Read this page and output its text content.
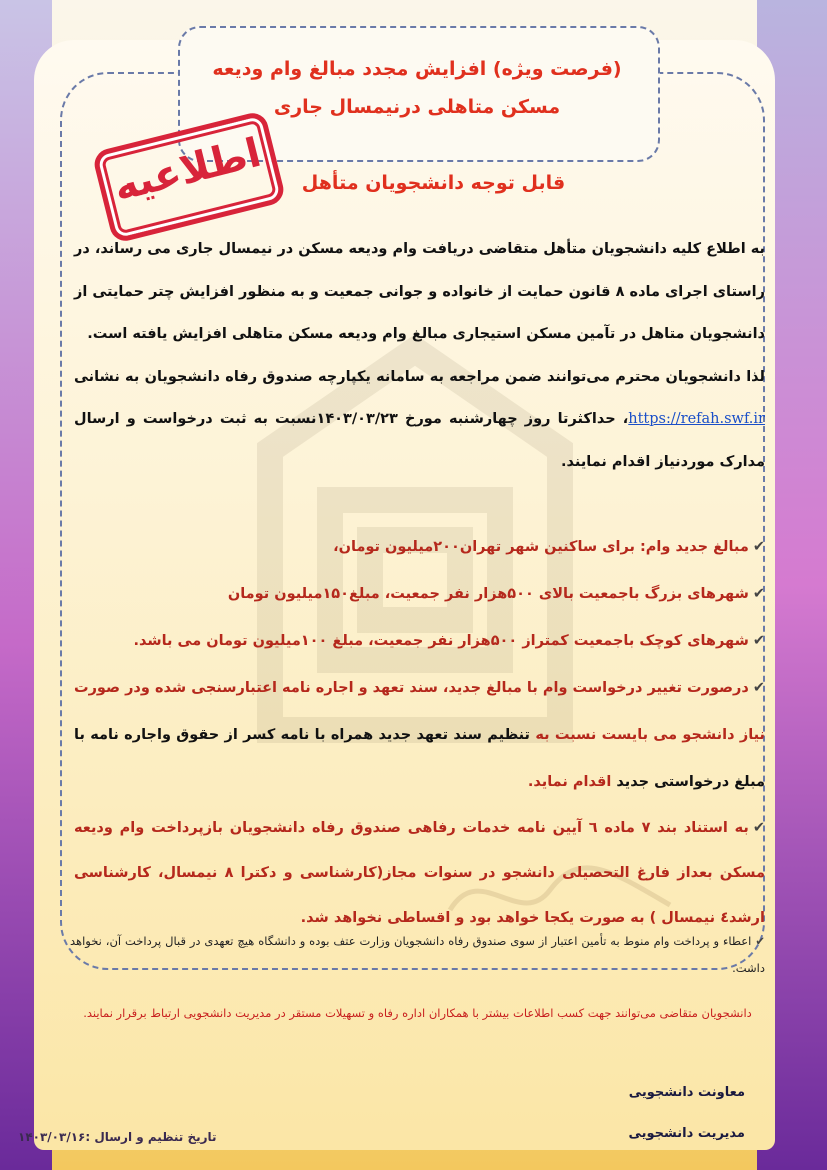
(فرصت ویژه) افزایش مجدد مبالغ وام ودیعه
مسکن متاهلی درنیمسال جاری
اطلاعیه	قابل توجه دانشجویان متأهل

به اطلاع کلیه دانشجویان متأهل متقاضی دریافت وام ودیعه مسکن در نیمسال جاری می رساند، در راستای اجرای ماده ۸ قانون حمایت از خانواده و جوانی جمعیت و به منظور افزایش چتر حمایتی از دانشجویان متاهل در تآمین مسکن استیجاری مبالغ وام ودیعه مسکن متاهلی افزایش یافته است.

لذا دانشجویان محترم می‌توانند ضمن مراجعه به سامانه یکپارچه صندوق رفاه دانشجویان به نشانی https://refah.swf.ir، حداکثرتا روز چهارشنبه مورخ ۱۴۰۳/۰۳/۲۳نسبت به ثبت درخواست و ارسال مدارک موردنیاز اقدام نمایند.

✔مبالغ جدید وام: برای ساکنین شهر تهران۲۰۰میلیون تومان،
✔شهرهای بزرگ باجمعیت بالای ۵۰۰هزار نفر جمعیت، مبلغ۱۵۰میلیون تومان
✔شهرهای کوچک باجمعیت کمتراز ۵۰۰هزار نفر جمعیت، مبلغ ۱۰۰میلیون تومان می باشد.
✔درصورت تغییر درخواست وام با مبالغ جدید، سند تعهد و اجاره نامه اعتبارسنجی شده ودر صورت نیاز دانشجو می بایست نسبت به تنظیم سند تعهد جدید همراه با نامه کسر از حقوق واجاره نامه با مبلغ درخواستی جدید اقدام نماید.
✔به استناد بند ۷ ماده ٦ آیین نامه خدمات رفاهی صندوق رفاه دانشجویان بازپرداخت وام ودیعه مسکن بعداز فارغ التحصیلی دانشجو در سنوات مجاز(کارشناسی و دکترا ۸ نیمسال، کارشناسی ارشد٤ نیمسال ) به صورت یکجا خواهد بود و اقساطی نخواهد شد.
✔اعطاء و پرداخت وام منوط به تأمین اعتبار از سوی صندوق رفاه دانشجویان وزارت عتف بوده و دانشگاه هیچ تعهدی در قبال پرداخت آن، نخواهد داشت.
دانشجویان متقاضی می‌توانند جهت کسب اطلاعات بیشتر با همکاران اداره رفاه و تسهیلات مستقر در مدیریت دانشجویی ارتباط برقرار نمایند.
معاونت دانشجویی
مدیریت دانشجویی
تاریخ تنظیم و ارسال :۱۴۰۳/۰۳/۱۶
